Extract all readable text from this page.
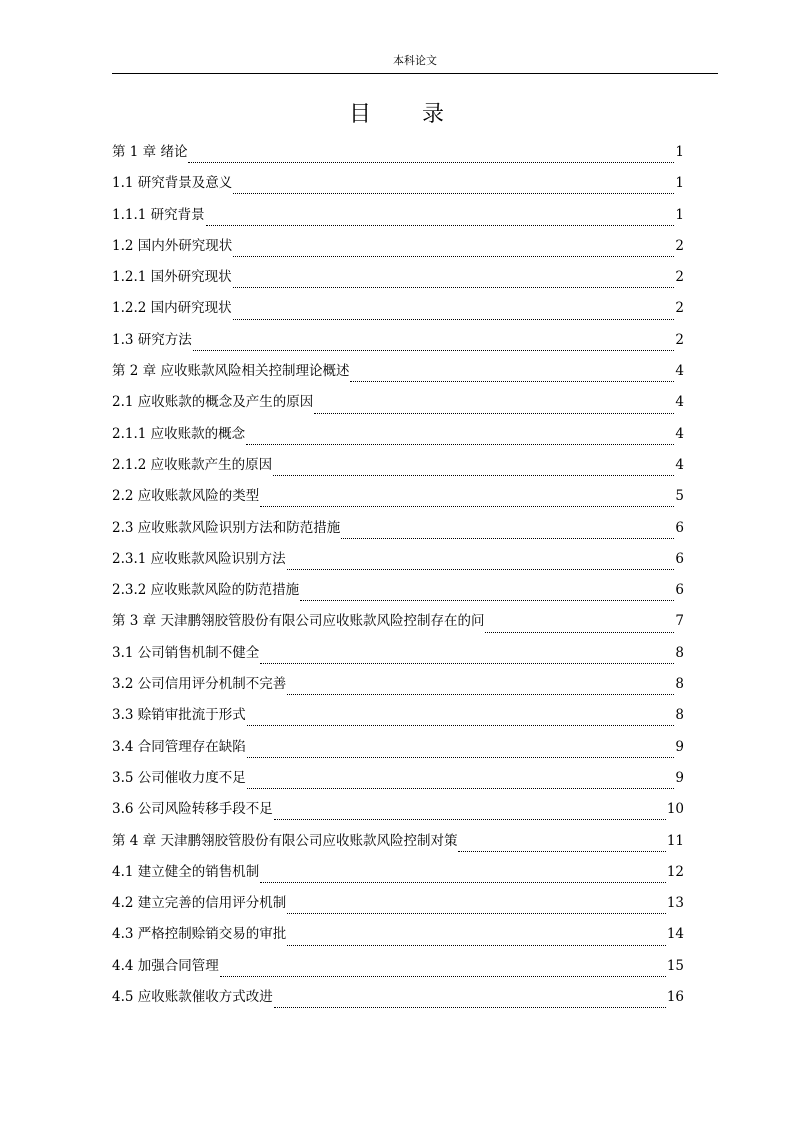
本科论文
目 录
第 1 章 绪论	1
1.1 研究背景及意义	1
1.1.1 研究背景	1
1.2 国内外研究现状	2
1.2.1 国外研究现状	2
1.2.2 国内研究现状	2
1.3 研究方法	2
第 2 章 应收账款风险相关控制理论概述	4
2.1 应收账款的概念及产生的原因	4
2.1.1 应收账款的概念	4
2.1.2 应收账款产生的原因	4
2.2 应收账款风险的类型	5
2.3 应收账款风险识别方法和防范措施	6
2.3.1 应收账款风险识别方法	6
2.3.2 应收账款风险的防范措施	6
第 3 章 天津鹏翎胶管股份有限公司应收账款风险控制存在的问	7
3.1 公司销售机制不健全	8
3.2 公司信用评分机制不完善	8
3.3 赊销审批流于形式	8
3.4 合同管理存在缺陷	9
3.5 公司催收力度不足	9
3.6 公司风险转移手段不足	10
第 4 章 天津鹏翎胶管股份有限公司应收账款风险控制对策	11
4.1 建立健全的销售机制	12
4.2 建立完善的信用评分机制	13
4.3 严格控制赊销交易的审批	14
4.4 加强合同管理	15
4.5 应收账款催收方式改进	16
